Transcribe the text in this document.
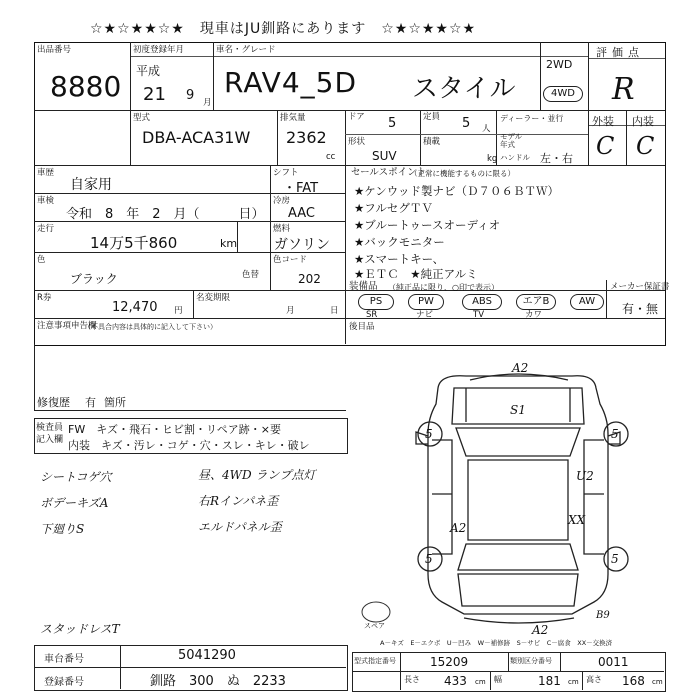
☆★☆★★☆★　現車はJU釧路にあります　☆★☆★★☆★
出品番号
8880
初度登録年月
平成
21 9 月
車名・グレード
RAV4_5D スタイル
2WD
4WD
評価点
R
外装 内装
C C
型式
DBA-ACA31W
排気量
2362
cc
ドア 5	定員 5 人
ディーラー・並行
形状
SUV
積載
kg
モデル 年式
ハンドル 左・右
車歴
自家用
シフト
・FAT
車検
令和　8　年　2　月（　　　日）
冷房
AAC
走行
14万5千860	km
燃料
ガソリン
色
ブラック	色替
色コード
202
R券
12,470 円
名変期限
月	日
セールスポイント
（正常に機能するものに限る）
★ケンウッド製ナビ（Ｄ７０６ＢＴＷ）
★フルセグＴＶ
★ブルートゥースオーディオ
★バックモニター
★スマートキー、
★ＥＴＣ　★純正アルミ
装備品 （純正品に限り、○印で表示）
PS
SR
PW
ナビ
ABS
TV
エアB
カワ
AW
メーカー保証書
有・無
後目品
注意事項申告欄
（不具合内容は具体的に記入して下さい）
修復歴 有 箇所
検査員 記入欄
FW　キズ・飛石・ヒビ割・リペア跡・×要
内装　キズ・汚レ・コゲ・穴・スレ・キレ・破レ
シートコゲ穴
ボデーキズA
下廻りS
昼、4WD ランプ点灯
右Rインパネ歪
エルドパネル歪
スタッドレスT
5	5
5	5
A2
S1
U2
XX
A2
A2
B9
スペア
A－キズ　E－エクボ　U－凹み　W－補修跡　S－サビ　C－腐食　XX－交換済
車台番号	5041290
登録番号	釧路　300　ぬ　2233
型式指定番号	15209	類別区分番号	0011
長さ 433 cm 幅	181 cm 高さ 168 cm
